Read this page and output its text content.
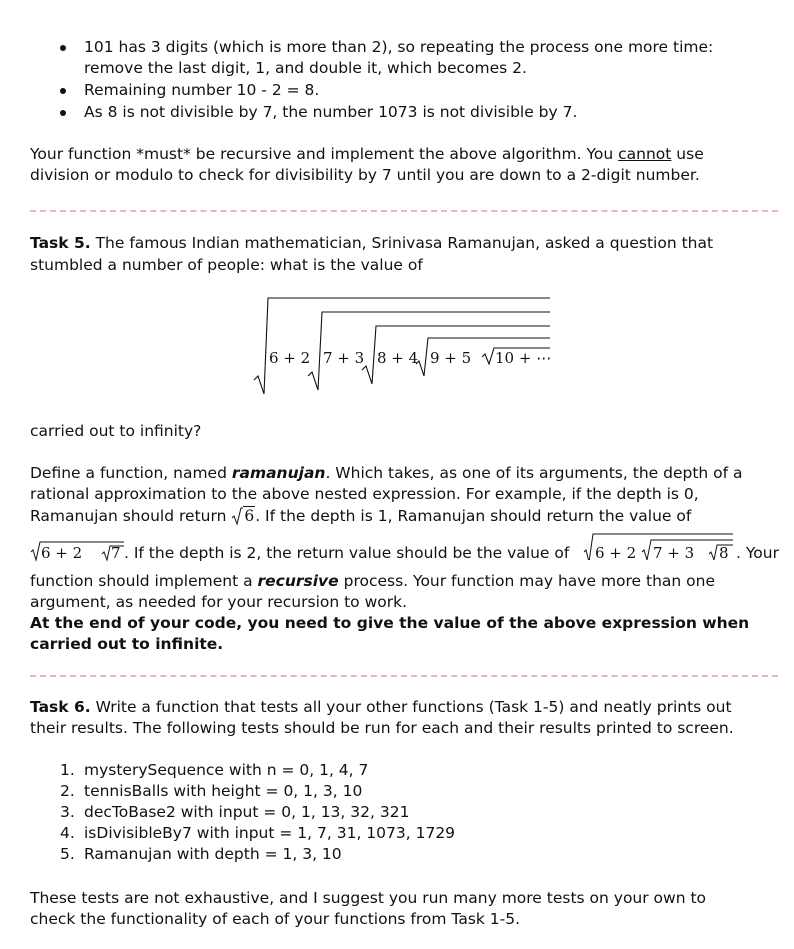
101 has 3 digits (which is more than 2), so repeating the process one more time:
remove the last digit, 1, and double it, which becomes 2.
Remaining number 10 - 2 = 8.
As 8 is not divisible by 7, the number 1073 is not divisible by 7.
Your function *must* be recursive and implement the above algorithm. You cannot use
division or modulo to check for divisibility by 7 until you are down to a 2-digit number.
Task 5. The famous Indian mathematician, Srinivasa Ramanujan, asked a question that
stumbled a number of people: what is the value of
6 + 2 7 + 3 8 + 4 9 + 5 10 + ⋯
carried out to infinity?
Define a function, named ramanujan. Which takes, as one of its arguments, the depth of a
rational approximation to the above nested expression. For example, if the depth is 0,
Ramanujan should return
6. If the depth is 1, Ramanujan should return the value of
6 + 2 7 . If the depth is 2, the return value should be the value of 6 + 2 7 + 3 8 . Your
function should implement a recursive process. Your function may have more than one
argument, as needed for your recursion to work.
At the end of your code, you need to give the value of the above expression when
carried out to infinite.
Task 6. Write a function that tests all your other functions (Task 1-5) and neatly prints out
their results. The following tests should be run for each and their results printed to screen.
1. mysterySequence with n = 0, 1, 4, 7
2. tennisBalls with height = 0, 1, 3, 10
3. decToBase2 with input = 0, 1, 13, 32, 321
4. isDivisibleBy7 with input = 1, 7, 31, 1073, 1729
5. Ramanujan with depth = 1, 3, 10
These tests are not exhaustive, and I suggest you run many more tests on your own to
check the functionality of each of your functions from Task 1-5.
